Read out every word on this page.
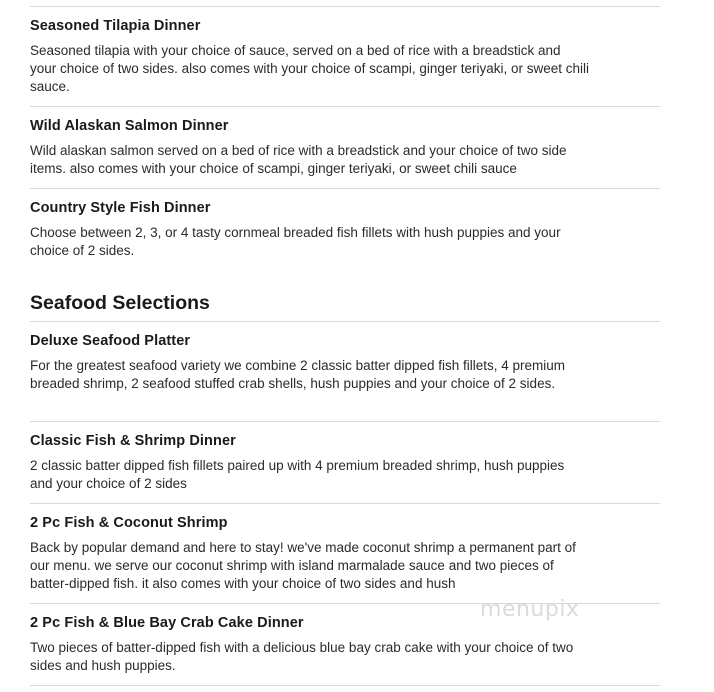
Seasoned Tilapia Dinner

Seasoned tilapia with your choice of sauce, served on a bed of rice with a breadstick and your choice of two sides. also comes with your choice of scampi, ginger teriyaki, or sweet chili sauce.

Wild Alaskan Salmon Dinner

Wild alaskan salmon served on a bed of rice with a breadstick and your choice of two side items. also comes with your choice of scampi, ginger teriyaki, or sweet chili sauce

Country Style Fish Dinner

Choose between 2, 3, or 4 tasty cornmeal breaded fish fillets with hush puppies and your choice of 2 sides.

Seafood Selections
Deluxe Seafood Platter

For the greatest seafood variety we combine 2 classic batter dipped fish fillets, 4 premium breaded shrimp, 2 seafood stuffed crab shells, hush puppies and your choice of 2 sides.

Classic Fish & Shrimp Dinner

2 classic batter dipped fish fillets paired up with 4 premium breaded shrimp, hush puppies and your choice of 2 sides

2 Pc Fish & Coconut Shrimp

Back by popular demand and here to stay! we've made coconut shrimp a permanent part of our menu. we serve our coconut shrimp with island marmalade sauce and two pieces of batter-dipped fish. it also comes with your choice of two sides and hush

2 Pc Fish & Blue Bay Crab Cake Dinner

Two pieces of batter-dipped fish with a delicious blue bay crab cake with your choice of two sides and hush puppies.

menupix
